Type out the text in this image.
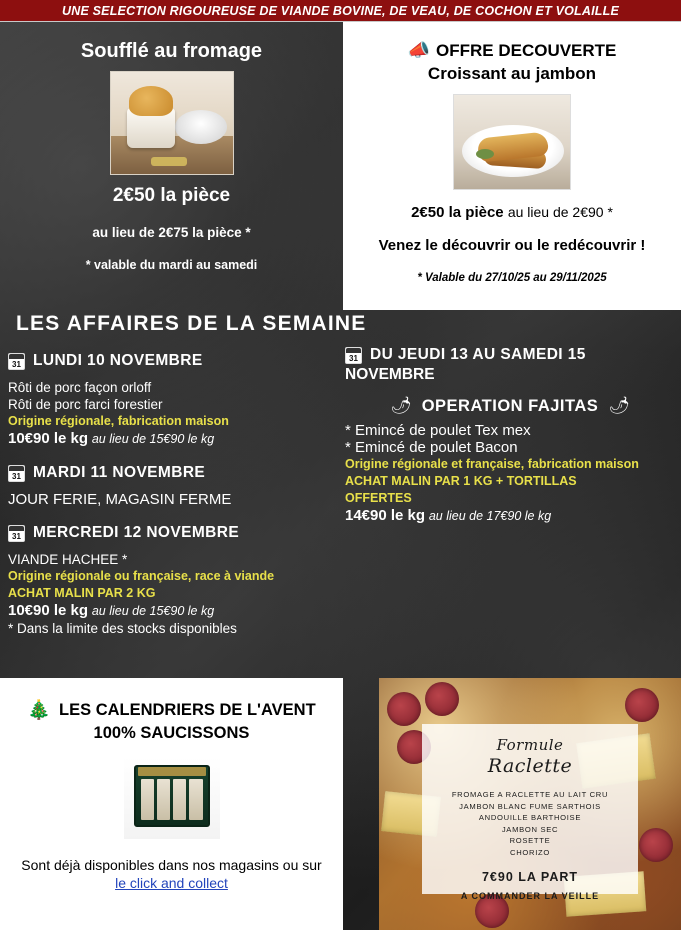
UNE SELECTION RIGOUREUSE DE VIANDE BOVINE, DE VEAU, DE COCHON ET VOLAILLE
Soufflé au fromage
2€50 la pièce
au lieu de 2€75 la pièce *
* valable du mardi au samedi
📣 OFFRE DECOUVERTE
Croissant au jambon
2€50 la pièce au lieu de 2€90 *
Venez le découvrir ou le redécouvrir !
* Valable du 27/10/25 au 29/11/2025
LES AFFAIRES DE LA SEMAINE
31 LUNDI 10 NOVEMBRE

Rôti de porc façon orloff

Rôti de porc farci forestier

Origine régionale, fabrication maison

10€90 le kg au lieu de 15€90 le kg

31 MARDI 11 NOVEMBRE

JOUR FERIE, MAGASIN FERME

31 MERCREDI 12 NOVEMBRE

VIANDE HACHEE *

Origine régionale ou française, race à viande

ACHAT MALIN PAR 2 KG

10€90 le kg au lieu de 15€90 le kg

* Dans la limite des stocks disponibles

31 DU JEUDI 13 AU SAMEDI 15
NOVEMBRE
🌶 OPERATION FAJITAS 🌶

* Emincé de poulet Tex mex

* Emincé de poulet Bacon

Origine régionale et française, fabrication maison

ACHAT MALIN PAR 1 KG + TORTILLAS

OFFERTES

14€90 le kg au lieu de 17€90 le kg

🎄 LES CALENDRIERS DE L'AVENT
100% SAUCISSONS
Sont déjà disponibles dans nos magasins ou sur
le click and collect
Formule
Raclette
FROMAGE A RACLETTE AU LAIT CRU
JAMBON BLANC FUME SARTHOIS
ANDOUILLE BARTHOISE
JAMBON SEC
ROSETTE
CHORIZO
7€90 LA PART
A COMMANDER LA VEILLE
